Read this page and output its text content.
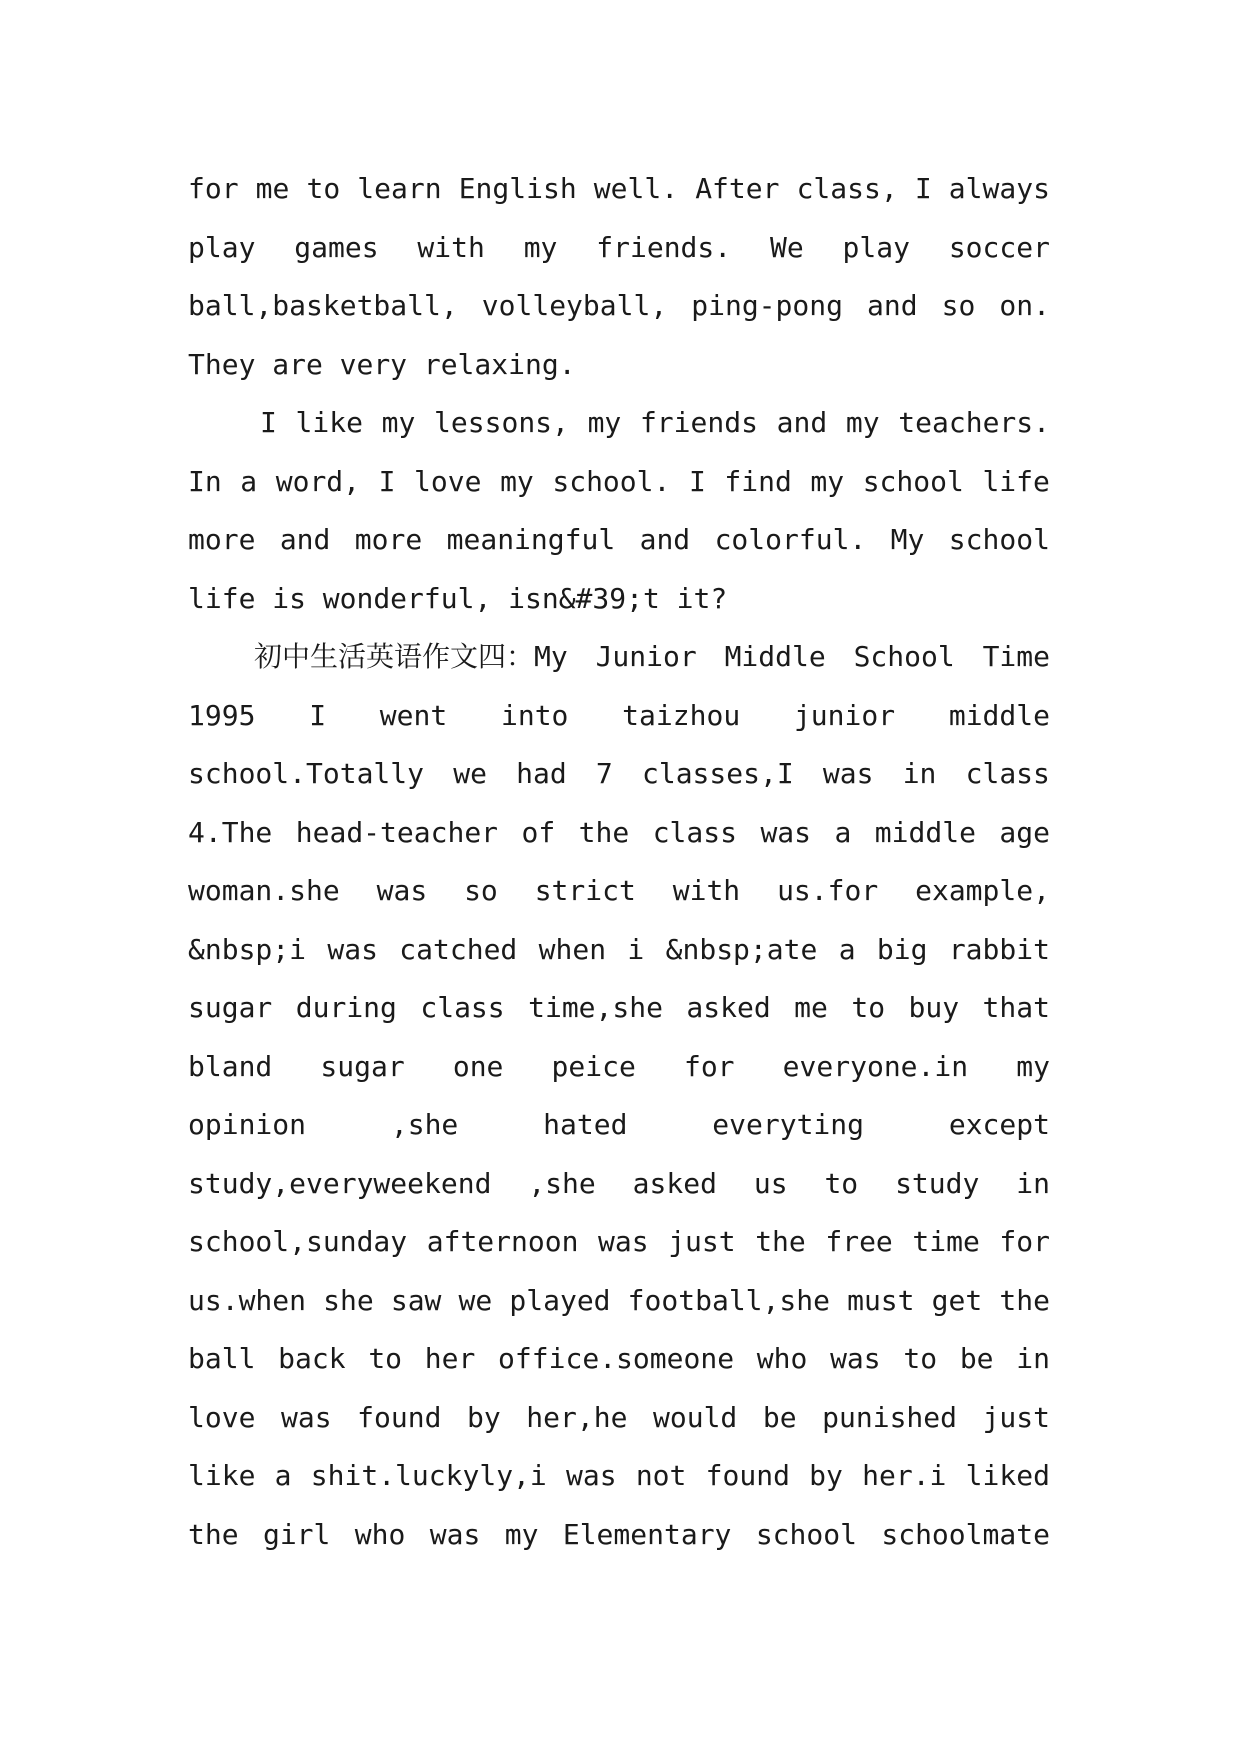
for me to learn English well. After class, I always
play games with my friends. We play soccer
ball,basketball, volleyball, ping-pong and so on.
They are very relaxing.
I like my lessons, my friends and my teachers.
In a word, I love my school. I find my school life
more and more meaningful and colorful. My school
life is wonderful, isn&#39;t it?
初中生活英语作文四：My Junior Middle School Time
1995 I went into taizhou junior middle
school.Totally we had 7 classes,I was in class
4.The head-teacher of the class was a middle age
woman.she was so strict with us.for example,
&nbsp;i was catched when i &nbsp;ate a big rabbit
sugar during class time,she asked me to buy that
bland sugar one peice for everyone.in my
opinion	,she	hated	everyting	except
study,everyweekend ,she asked us to study in
school,sunday afternoon was just the free time for
us.when she saw we played football,she must get the
ball back to her office.someone who was to be in
love was found by her,he would be punished just
like a shit.luckyly,i was not found by her.i liked
the girl who was my Elementary school schoolmate
